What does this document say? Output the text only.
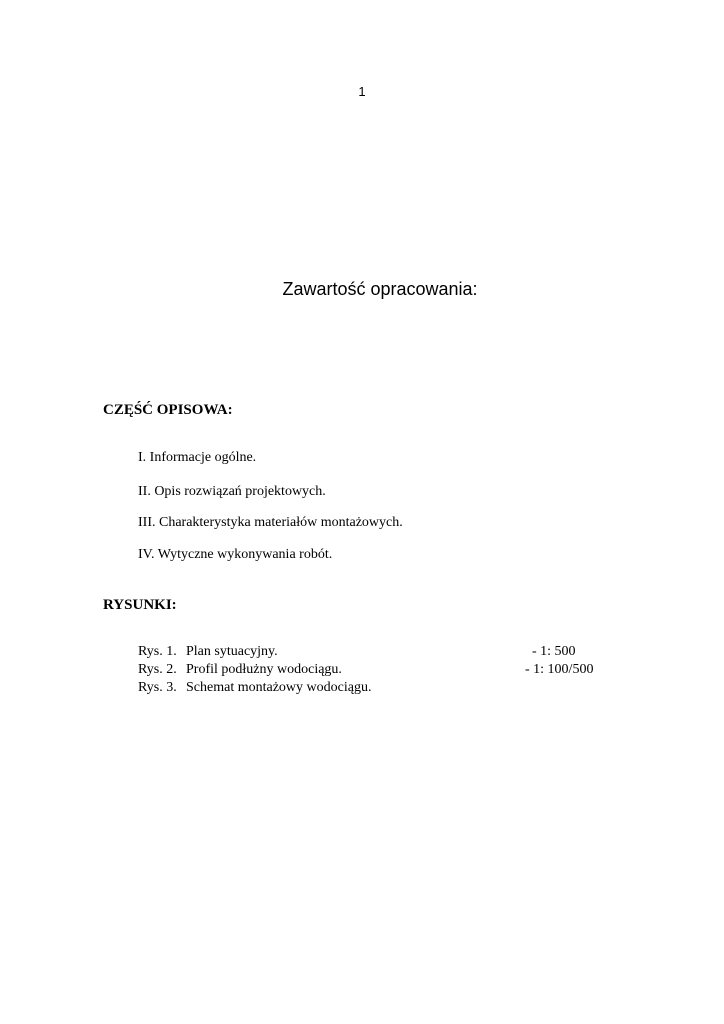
1
Zawartość opracowania:
CZĘŚĆ OPISOWA:
I. Informacje ogólne.
II. Opis rozwiązań projektowych.
III. Charakterystyka materiałów montażowych.
IV. Wytyczne wykonywania robót.
RYSUNKI:
Rys. 1. Plan sytuacyjny.	- 1: 500
Rys. 2. Profil podłużny wodociągu.	- 1: 100/500
Rys. 3. Schemat montażowy wodociągu.
